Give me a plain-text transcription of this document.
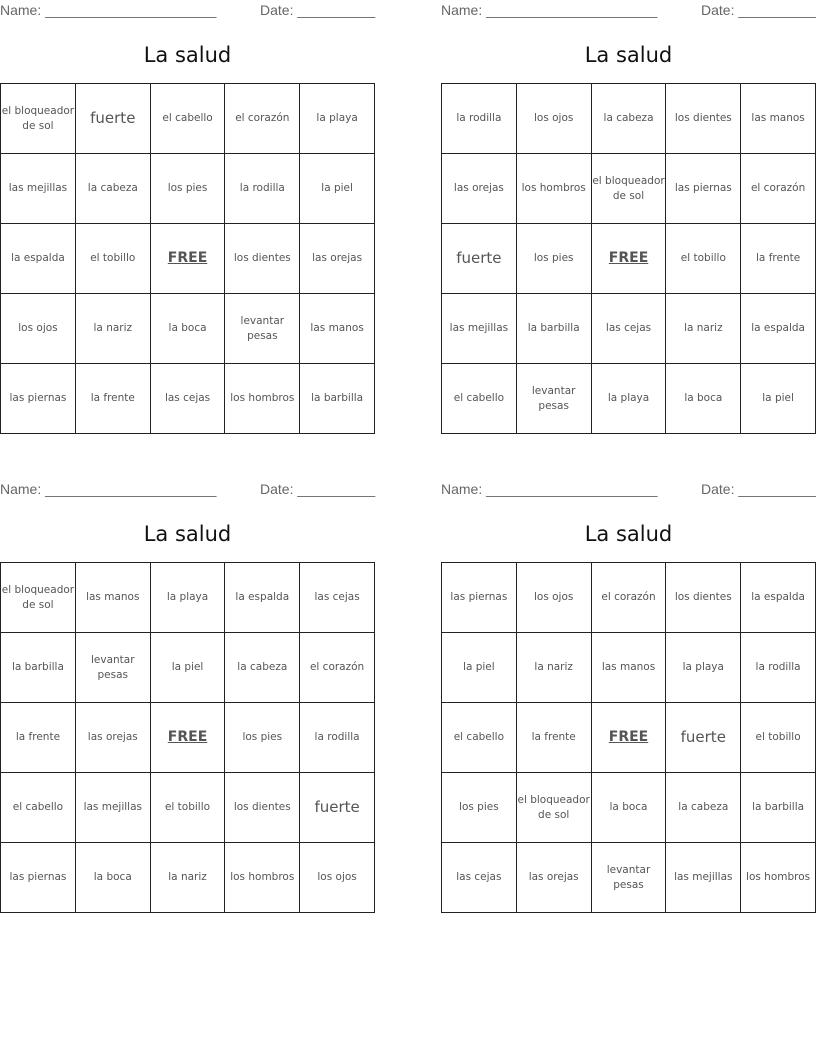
Name: ______________________	Date: __________
La salud
el bloqueador de sol	fuerte	el cabello	el corazón	la playa
las mejillas	la cabeza	los pies	la rodilla	la piel
la espalda	el tobillo	FREE	los dientes	las orejas
los ojos	la nariz	la boca	levantar pesas	las manos
las piernas	la frente	las cejas	los hombros	la barbilla
Name: ______________________	Date: __________
La salud
la rodilla	los ojos	la cabeza	los dientes	las manos
las orejas	los hombros	el bloqueador de sol	las piernas	el corazón
fuerte	los pies	FREE	el tobillo	la frente
las mejillas	la barbilla	las cejas	la nariz	la espalda
el cabello	levantar pesas	la playa	la boca	la piel
Name: ______________________	Date: __________
La salud
el bloqueador de sol	las manos	la playa	la espalda	las cejas
la barbilla	levantar pesas	la piel	la cabeza	el corazón
la frente	las orejas	FREE	los pies	la rodilla
el cabello	las mejillas	el tobillo	los dientes	fuerte
las piernas	la boca	la nariz	los hombros	los ojos
Name: ______________________	Date: __________
La salud
las piernas	los ojos	el corazón	los dientes	la espalda
la piel	la nariz	las manos	la playa	la rodilla
el cabello	la frente	FREE	fuerte	el tobillo
los pies	el bloqueador de sol	la boca	la cabeza	la barbilla
las cejas	las orejas	levantar pesas	las mejillas	los hombros
